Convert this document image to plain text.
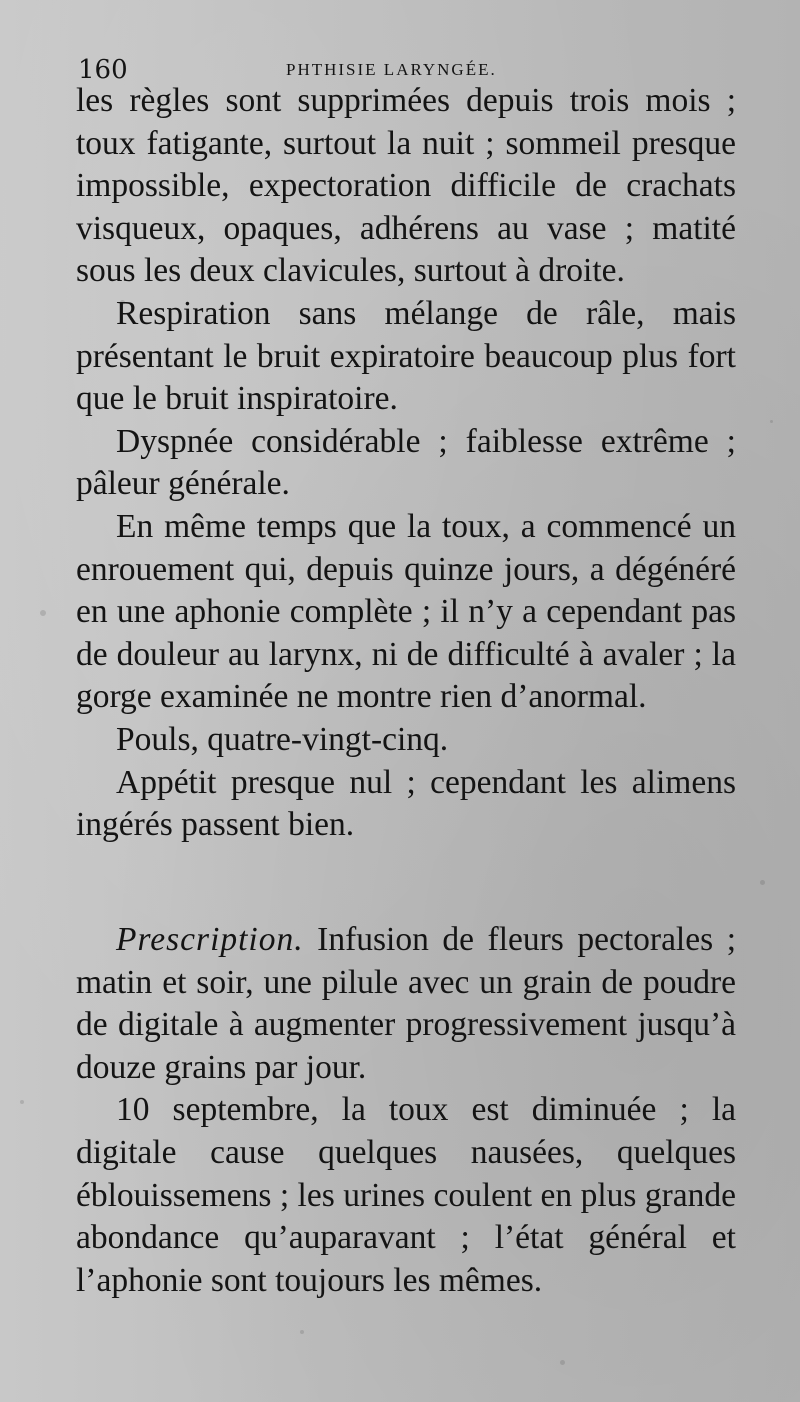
160	PHTHISIE LARYNGÉE.

les règles sont supprimées depuis trois mois ; toux fatigante, surtout la nuit ; sommeil presque impossible, expectoration difficile de crachats visqueux, opaques, adhérens au vase ; matité sous les deux clavicules, surtout à droite.

Respiration sans mélange de râle, mais présentant le bruit expiratoire beaucoup plus fort que le bruit inspiratoire.

Dyspnée considérable ; faiblesse extrême ; pâleur générale.

En même temps que la toux, a commencé un enrouement qui, depuis quinze jours, a dégénéré en une aphonie complète ; il n’y a cependant pas de douleur au larynx, ni de difficulté à avaler ; la gorge examinée ne montre rien d’anormal.

Pouls, quatre-vingt-cinq.

Appétit presque nul ; cependant les alimens ingérés passent bien.

Prescription. Infusion de fleurs pectorales ; matin et soir, une pilule avec un grain de poudre de digitale à augmenter progressivement jusqu’à douze grains par jour.

10 septembre, la toux est diminuée ; la digitale cause quelques nausées, quelques éblouissemens ; les urines coulent en plus grande abondance qu’auparavant ; l’état général et l’aphonie sont toujours les mêmes.
